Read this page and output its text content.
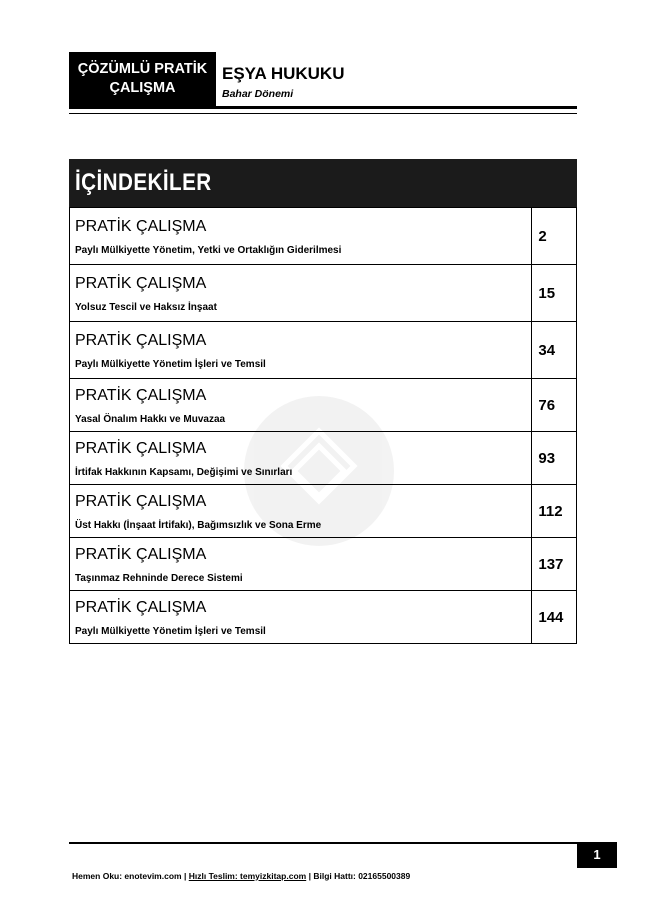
ÇÖZÜMLÜ PRATİK
ÇALIŞMA
EŞYA HUKUKU
Bahar Dönemi
İÇİNDEKİLER
PRATİK ÇALIŞMA
Paylı Mülkiyette Yönetim, Yetki ve Ortaklığın Giderilmesi	2

PRATİK ÇALIŞMA
Yolsuz Tescil ve Haksız İnşaat	15

PRATİK ÇALIŞMA
Paylı Mülkiyette Yönetim İşleri ve Temsil	34

PRATİK ÇALIŞMA
Yasal Önalım Hakkı ve Muvazaa	76

PRATİK ÇALIŞMA
İrtifak Hakkının Kapsamı, Değişimi ve Sınırları	93

PRATİK ÇALIŞMA
Üst Hakkı (İnşaat İrtifakı), Bağımsızlık ve Sona Erme	112

PRATİK ÇALIŞMA
Taşınmaz Rehninde Derece Sistemi	137

PRATİK ÇALIŞMA
Paylı Mülkiyette Yönetim İşleri ve Temsil	144
1
Hemen Oku: enotevim.com | Hızlı Teslim: temyizkitap.com | Bilgi Hattı: 02165500389
